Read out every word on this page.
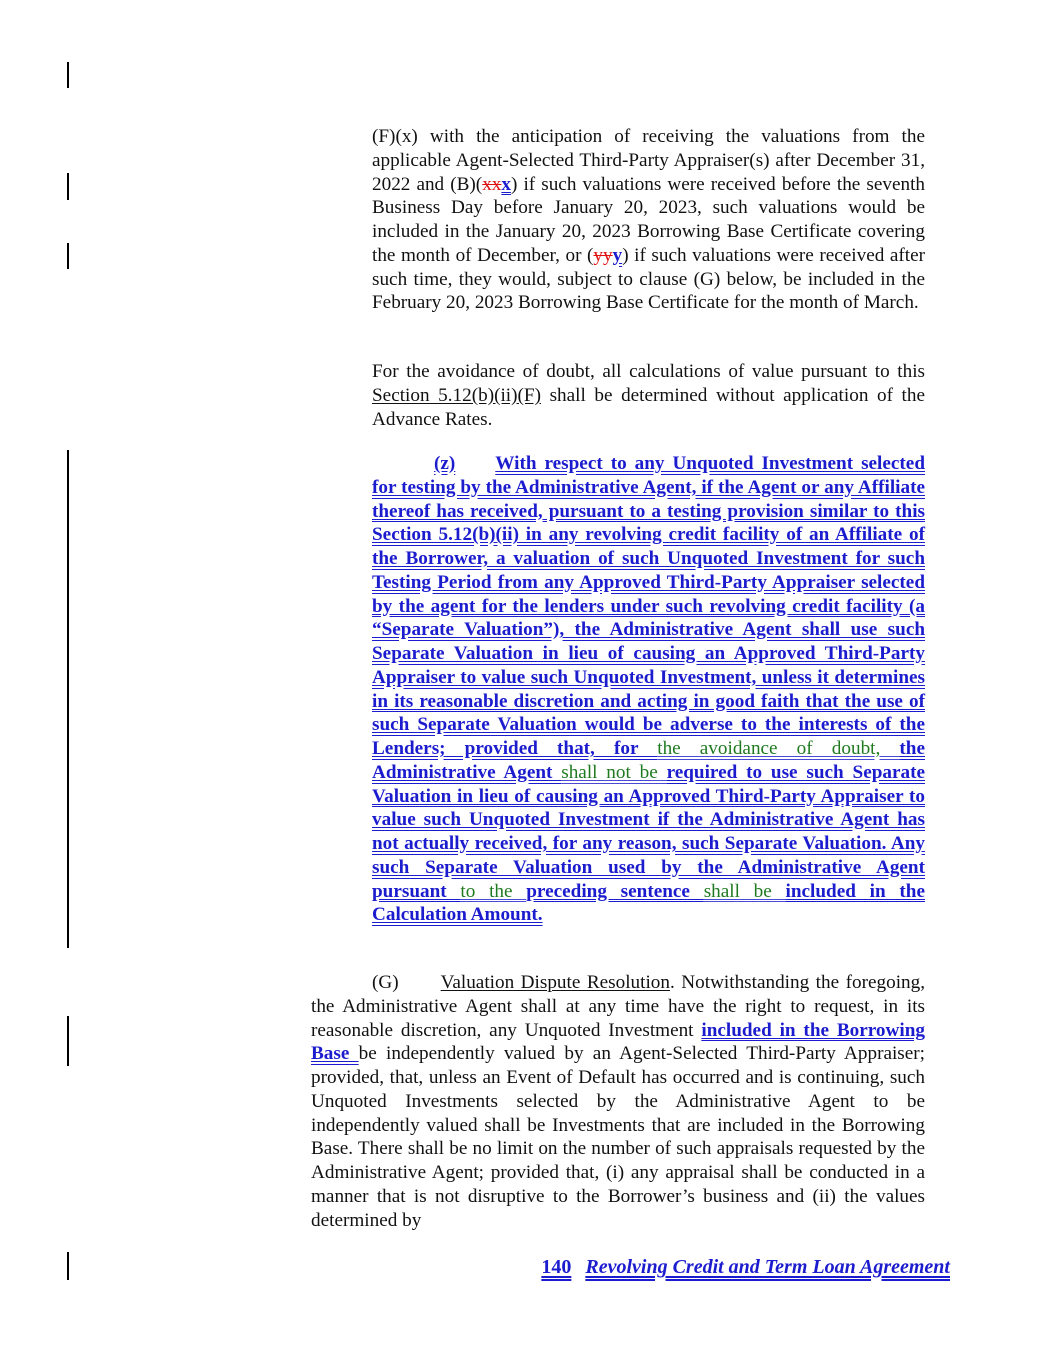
(F)(x) with the anticipation of receiving the valuations from the applicable Agent-Selected Third-Party Appraiser(s) after December 31, 2022 and (B)(xxx) if such valuations were received before the seventh Business Day before January 20, 2023, such valuations would be included in the January 20, 2023 Borrowing Base Certificate covering the month of December, or (yyy) if such valuations were received after such time, they would, subject to clause (G) below, be included in the February 20, 2023 Borrowing Base Certificate for the month of March.
For the avoidance of doubt, all calculations of value pursuant to this Section 5.12(b)(ii)(F) shall be determined without application of the Advance Rates.
(z) With respect to any Unquoted Investment selected for testing by the Administrative Agent, if the Agent or any Affiliate thereof has received, pursuant to a testing provision similar to this Section 5.12(b)(ii) in any revolving credit facility of an Affiliate of the Borrower, a valuation of such Unquoted Investment for such Testing Period from any Approved Third-Party Appraiser selected by the agent for the lenders under such revolving credit facility (a “Separate Valuation”), the Administrative Agent shall use such Separate Valuation in lieu of causing an Approved Third-Party Appraiser to value such Unquoted Investment, unless it determines in its reasonable discretion and acting in good faith that the use of such Separate Valuation would be adverse to the interests of the Lenders; provided that, for the avoidance of doubt, the Administrative Agent shall not be required to use such Separate Valuation in lieu of causing an Approved Third-Party Appraiser to value such Unquoted Investment if the Administrative Agent has not actually received, for any reason, such Separate Valuation. Any such Separate Valuation used by the Administrative Agent pursuant to the preceding sentence shall be included in the Calculation Amount.
(G) Valuation Dispute Resolution. Notwithstanding the foregoing, the Administrative Agent shall at any time have the right to request, in its reasonable discretion, any Unquoted Investment included in the Borrowing Base be independently valued by an Agent-Selected Third-Party Appraiser; provided, that, unless an Event of Default has occurred and is continuing, such Unquoted Investments selected by the Administrative Agent to be independently valued shall be Investments that are included in the Borrowing Base. There shall be no limit on the number of such appraisals requested by the Administrative Agent; provided that, (i) any appraisal shall be conducted in a manner that is not disruptive to the Borrower’s business and (ii) the values determined by
140 Revolving Credit and Term Loan Agreement
